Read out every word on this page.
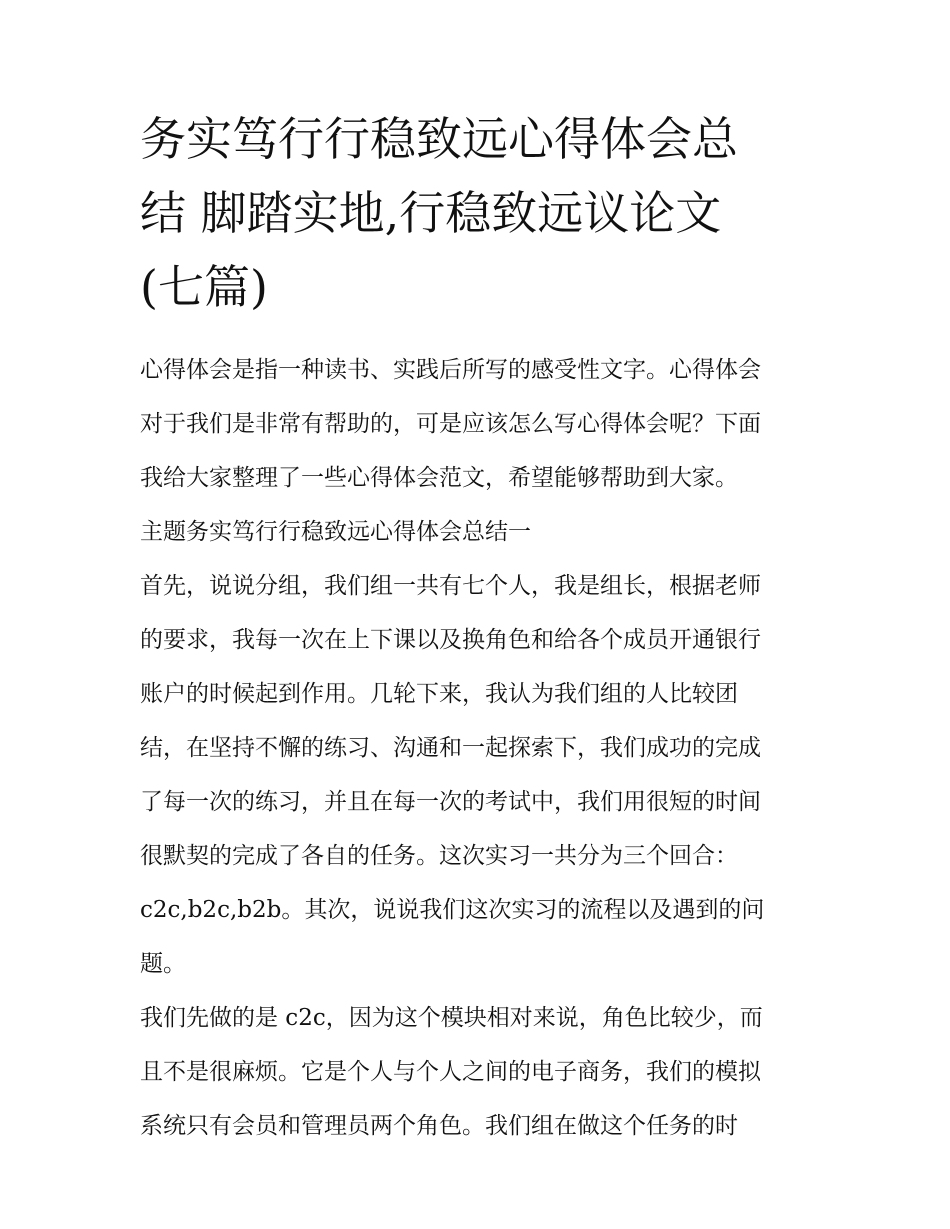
务实笃行行稳致远心得体会总
结 脚踏实地,行稳致远议论文
(七篇)
心得体会是指一种读书、实践后所写的感受性文字。心得体会
对于我们是非常有帮助的，可是应该怎么写心得体会呢？下面
我给大家整理了一些心得体会范文，希望能够帮助到大家。
主题务实笃行行稳致远心得体会总结一
首先，说说分组，我们组一共有七个人，我是组长，根据老师
的要求，我每一次在上下课以及换角色和给各个成员开通银行
账户的时候起到作用。几轮下来，我认为我们组的人比较团
结，在坚持不懈的练习、沟通和一起探索下，我们成功的完成
了每一次的练习，并且在每一次的考试中，我们用很短的时间
很默契的完成了各自的任务。这次实习一共分为三个回合：
c2c,b2c,b2b。其次，说说我们这次实习的流程以及遇到的问
题。
我们先做的是 c2c，因为这个模块相对来说，角色比较少，而
且不是很麻烦。它是个人与个人之间的电子商务，我们的模拟
系统只有会员和管理员两个角色。我们组在做这个任务的时
